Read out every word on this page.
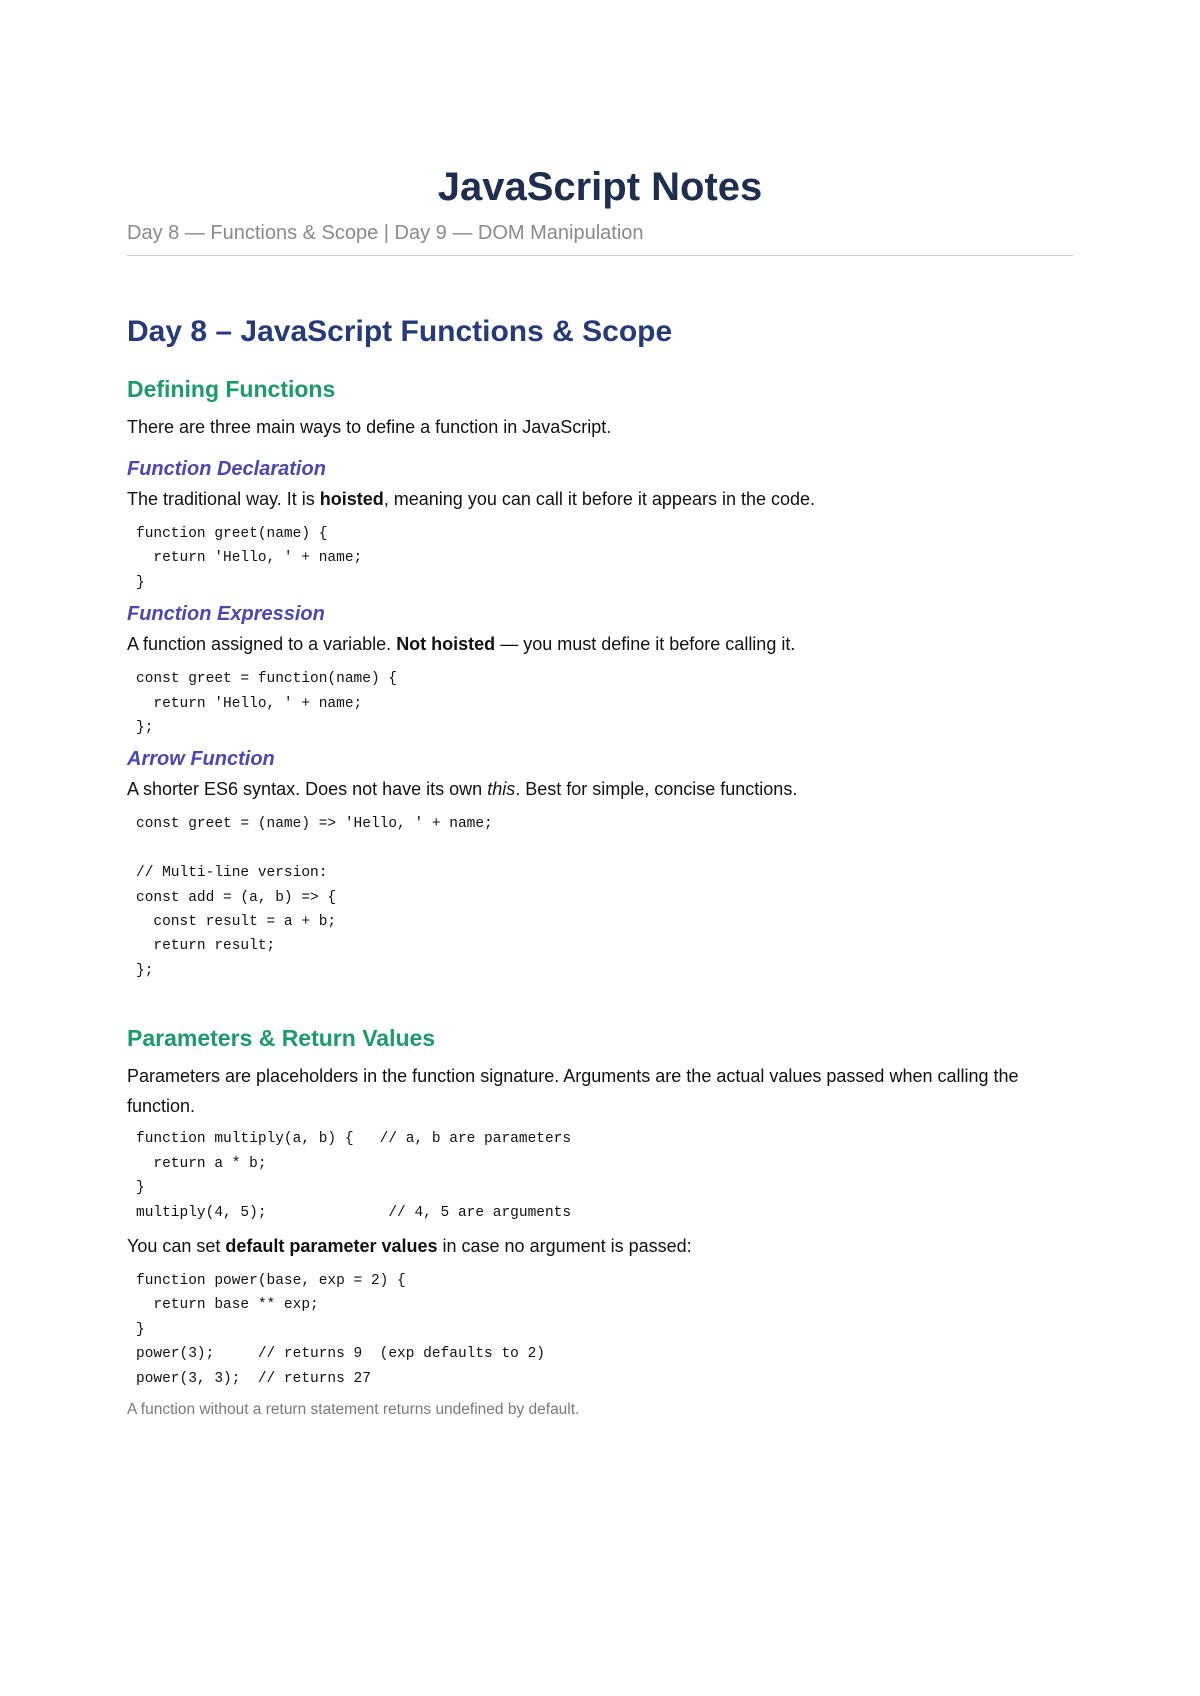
JavaScript Notes
Day 8 — Functions & Scope | Day 9 — DOM Manipulation
Day 8 – JavaScript Functions & Scope
Defining Functions

There are three main ways to define a function in JavaScript.

Function Declaration

The traditional way. It is hoisted, meaning you can call it before it appears in the code.

function greet(name) {
return 'Hello, ' + name;
}
Function Expression

A function assigned to a variable. Not hoisted — you must define it before calling it.

const greet = function(name) {
return 'Hello, ' + name;
};
Arrow Function

A shorter ES6 syntax. Does not have its own this. Best for simple, concise functions.

const greet = (name) => 'Hello, ' + name;

// Multi-line version:
const add = (a, b) => {
const result = a + b;
return result;
};
Parameters & Return Values

Parameters are placeholders in the function signature. Arguments are the actual values passed when calling the function.

function multiply(a, b) {   // a, b are parameters
return a * b;
}
multiply(4, 5);              // 4, 5 are arguments

You can set default parameter values in case no argument is passed:

function power(base, exp = 2) {
return base ** exp;
}
power(3);     // returns 9  (exp defaults to 2)
power(3, 3);  // returns 27

A function without a return statement returns undefined by default.
